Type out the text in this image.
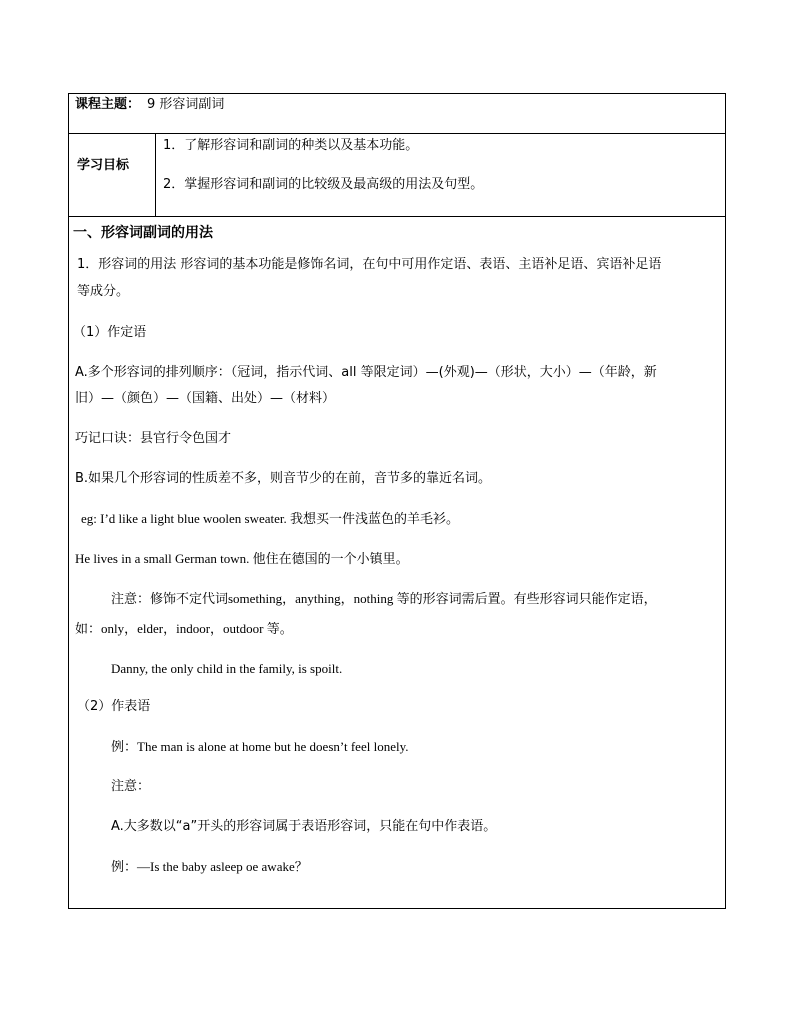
课程主题： 9 形容词副词
学习目标
1．了解形容词和副词的种类以及基本功能。
2．掌握形容词和副词的比较级及最高级的用法及句型。
一、形容词副词的用法
1．形容词的用法 形容词的基本功能是修饰名词，在句中可用作定语、表语、主语补足语、宾语补足语
等成分。
（1）作定语
A.多个形容词的排列顺序：（冠词，指示代词、all 等限定词）—(外观)—（形状，大小）—（年龄，新
旧）—（颜色）—（国籍、出处）—（材料）
巧记口诀：县官行令色国才
B.如果几个形容词的性质差不多，则音节少的在前，音节多的靠近名词。
eg: I’d like a light blue woolen sweater. 我想买一件浅蓝色的羊毛衫。
He lives in a small German town. 他住在德国的一个小镇里。
注意：修饰不定代词something，anything，nothing 等的形容词需后置。有些形容词只能作定语，
如：only，elder，indoor，outdoor 等。
Danny, the only child in the family, is spoilt.
（2）作表语
例：The man is alone at home but he doesn’t feel lonely.
注意：
A.大多数以“a”开头的形容词属于表语形容词，只能在句中作表语。
例：—Is the baby asleep oe awake？
